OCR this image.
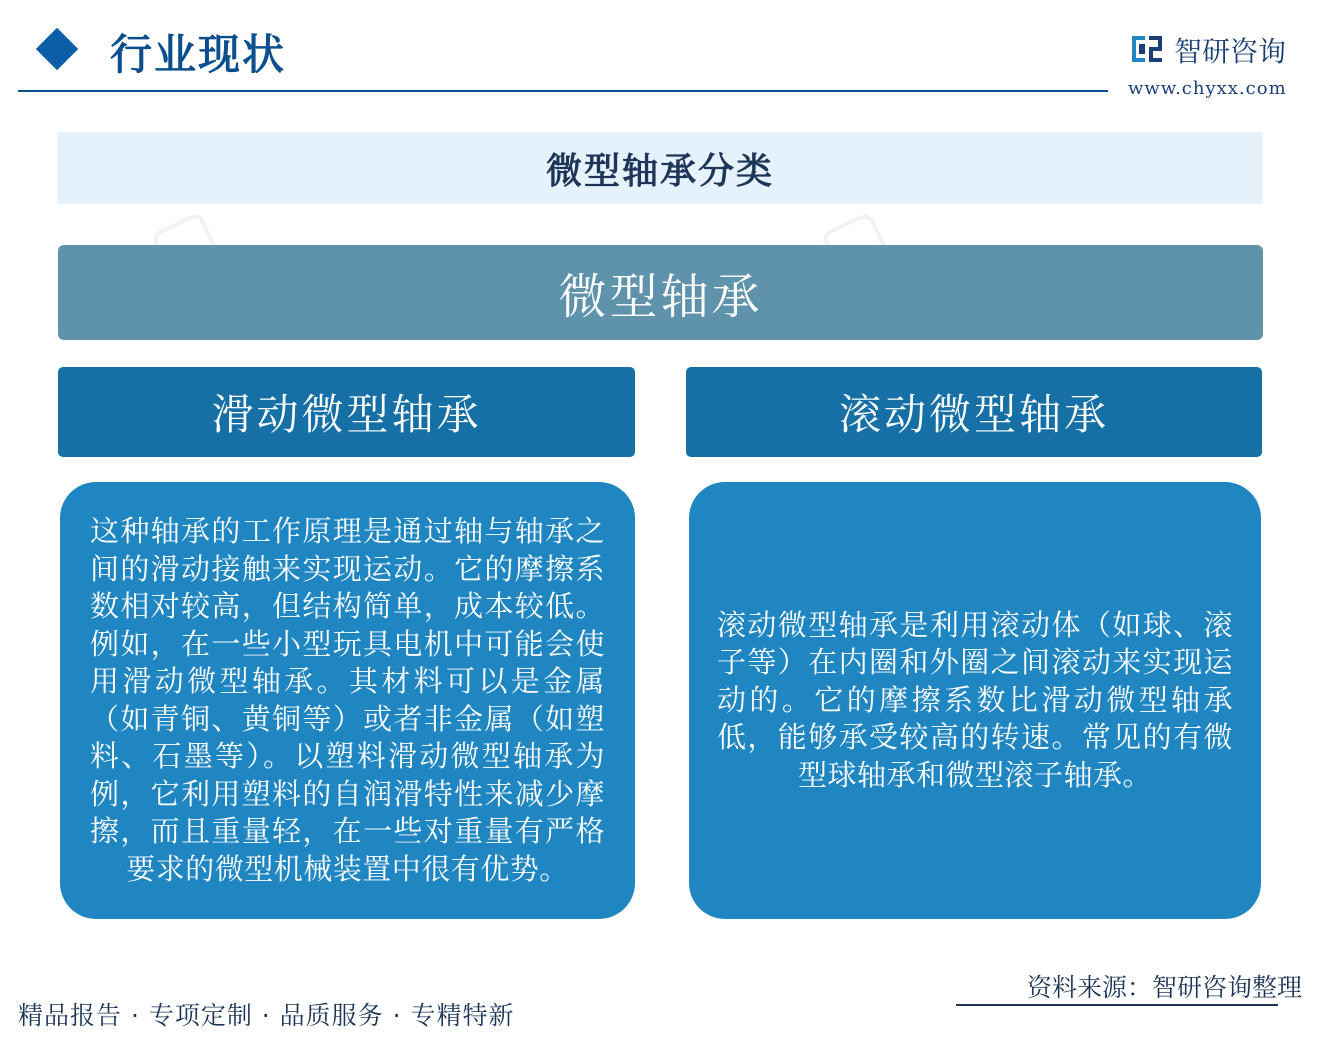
▢	▢
行业现状	智研咨询
www.chyxx.com
微型轴承分类
微型轴承
滑动微型轴承	滚动微型轴承
这种轴承的工作原理是通过轴与轴承之间的滑动接触来实现运动。它的摩擦系数相对较高，但结构简单，成本较低。例如，在一些小型玩具电机中可能会使用滑动微型轴承。其材料可以是金属（如青铜、黄铜等）或者非金属（如塑料、石墨等）。以塑料滑动微型轴承为例，它利用塑料的自润滑特性来减少摩擦，而且重量轻，在一些对重量有严格要求的微型机械装置中很有优势。
滚动微型轴承是利用滚动体（如球、滚子等）在内圈和外圈之间滚动来实现运动的。它的摩擦系数比滑动微型轴承低，能够承受较高的转速。常见的有微型球轴承和微型滚子轴承。
资料来源：智研咨询整理
精品报告 · 专项定制 · 品质服务 · 专精特新
